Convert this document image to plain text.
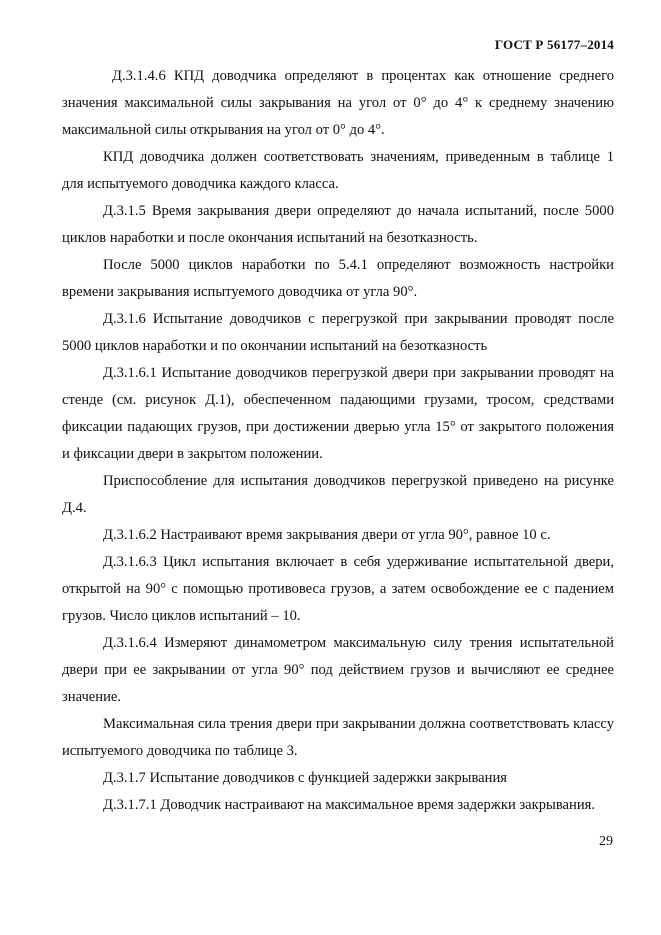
ГОСТ Р 56177–2014

Д.3.1.4.6 КПД доводчика определяют в процентах как отношение среднего значения максимальной силы закрывания на угол от 0° до 4° к среднему значению максимальной силы открывания на угол от 0° до 4°.

КПД доводчика должен соответствовать значениям, приведенным в таблице 1 для испытуемого доводчика каждого класса.

Д.3.1.5 Время закрывания двери определяют до начала испытаний, после 5000 циклов наработки и после окончания испытаний на безотказность.

После 5000 циклов наработки по 5.4.1 определяют возможность настройки времени закрывания испытуемого доводчика от угла 90°.

Д.3.1.6 Испытание доводчиков с перегрузкой при закрывании проводят после 5000 циклов наработки и по окончании испытаний на безотказность

Д.3.1.6.1 Испытание доводчиков перегрузкой двери при закрывании проводят на стенде (см. рисунок Д.1), обеспеченном падающими грузами, тросом, средствами фиксации падающих грузов, при достижении дверью угла 15° от закрытого положения и фиксации двери в закрытом положении.

Приспособление для испытания доводчиков перегрузкой приведено на рисунке Д.4.

Д.3.1.6.2 Настраивают время закрывания двери от угла 90°, равное 10 с.

Д.3.1.6.3 Цикл испытания включает в себя удерживание испытательной двери, открытой на 90° с помощью противовеса грузов, а затем освобождение ее с падением грузов. Число циклов испытаний – 10.

Д.3.1.6.4 Измеряют динамометром максимальную силу трения испытательной двери при ее закрывании от угла 90° под действием грузов и вычисляют ее среднее значение.

Максимальная сила трения двери при закрывании должна соответствовать классу испытуемого доводчика по таблице 3.

Д.3.1.7 Испытание доводчиков с функцией задержки закрывания

Д.3.1.7.1 Доводчик настраивают на максимальное время задержки закрывания.

29
